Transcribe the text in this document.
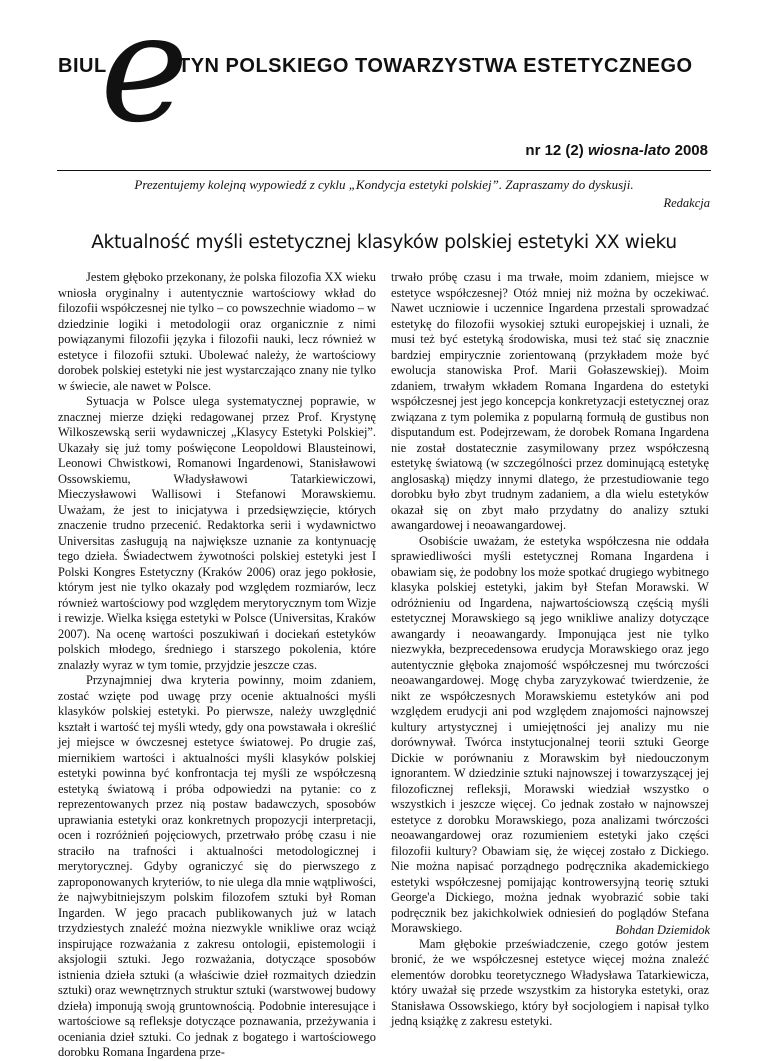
e
BIUL	TYN POLSKIEGO TOWARZYSTWA ESTETYCZNEGO
nr 12 (2) wiosna-lato 2008
Prezentujemy kolejną wypowiedź z cyklu „Kondycja estetyki polskiej”. Zapraszamy do dyskusji.
Redakcja
Aktualność myśli estetycznej klasyków polskiej estetyki XX wieku

Jestem głęboko przekonany, że polska filozofia XX wieku wniosła oryginalny i autentycznie wartościowy wkład do filozofii współczesnej nie tylko – co powszechnie wiadomo – w dziedzinie logiki i metodologii oraz organicznie z nimi powiązanymi filozofii języka i filozofii nauki, lecz również w estetyce i filozofii sztuki. Ubolewać należy, że wartościowy dorobek polskiej estetyki nie jest wystarczająco znany nie tylko w świecie, ale nawet w Polsce.

Sytuacja w Polsce ulega systematycznej poprawie, w znacznej mierze dzięki redagowanej przez Prof. Krystynę Wilkoszewską serii wydawniczej „Klasycy Estetyki Polskiej”. Ukazały się już tomy poświęcone Leopoldowi Blausteinowi, Leonowi Chwistkowi, Romanowi Ingardenowi, Stanisławowi Ossowskiemu, Władysławowi Tatarkiewiczowi, Mieczysławowi Wallisowi i Stefanowi Morawskiemu. Uważam, że jest to inicjatywa i przedsięwzięcie, których znaczenie trudno przecenić. Redaktorka serii i wydawnictwo Universitas zasługują na największe uznanie za kontynuację tego dzieła. Świadectwem żywotności polskiej estetyki jest I Polski Kongres Estetyczny (Kraków 2006) oraz jego pokłosie, którym jest nie tylko okazały pod względem rozmiarów, lecz również wartościowy pod względem merytorycznym tom Wizje i rewizje. Wielka księga estetyki w Polsce (Universitas, Kraków 2007). Na ocenę wartości poszukiwań i dociekań estetyków polskich młodego, średniego i starszego pokolenia, które znalazły wyraz w tym tomie, przyjdzie jeszcze czas.

Przynajmniej dwa kryteria powinny, moim zdaniem, zostać wzięte pod uwagę przy ocenie aktualności myśli klasyków polskiej estetyki. Po pierwsze, należy uwzględnić kształt i wartość tej myśli wtedy, gdy ona powstawała i określić jej miejsce w ówczesnej estetyce światowej. Po drugie zaś, miernikiem wartości i aktualności myśli klasyków polskiej estetyki powinna być konfrontacja tej myśli ze współczesną estetyką światową i próba odpowiedzi na pytanie: co z reprezentowanych przez nią postaw badawczych, sposobów uprawiania estetyki oraz konkretnych propozycji interpretacji, ocen i rozróżnień pojęciowych, przetrwało próbę czasu i nie straciło na trafności i aktualności metodologicznej i merytorycznej. Gdyby ograniczyć się do pierwszego z zaproponowanych kryteriów, to nie ulega dla mnie wątpliwości, że najwybitniejszym polskim filozofem sztuki był Roman Ingarden. W jego pracach publikowanych już w latach trzydziestych znaleźć można niezwykle wnikliwe oraz wciąż inspirujące rozważania z zakresu ontologii, epistemologii i aksjologii sztuki. Jego rozważania, dotyczące sposobów istnienia dzieła sztuki (a właściwie dzieł rozmaitych dziedzin sztuki) oraz wewnętrznych struktur sztuki (warstwowej budowy dzieła) imponują swoją gruntownością. Podobnie interesujące i wartościowe są refleksje dotyczące poznawania, przeżywania i oceniania dzieł sztuki. Co jednak z bogatego i wartościowego dorobku Romana Ingardena prze-

trwało próbę czasu i ma trwałe, moim zdaniem, miejsce w estetyce współczesnej? Otóż mniej niż można by oczekiwać. Nawet uczniowie i uczennice Ingardena przestali sprowadzać estetykę do filozofii wysokiej sztuki europejskiej i uznali, że musi też być estetyką środowiska, musi też stać się znacznie bardziej empirycznie zorientowaną (przykładem może być ewolucja stanowiska Prof. Marii Gołaszewskiej). Moim zdaniem, trwałym wkładem Romana Ingardena do estetyki współczesnej jest jego koncepcja konkretyzacji estetycznej oraz związana z tym polemika z popularną formułą de gustibus non disputandum est. Podejrzewam, że dorobek Romana Ingardena nie został dostatecznie zasymilowany przez współczesną estetykę światową (w szczególności przez dominującą estetykę anglosaską) między innymi dlatego, że przestudiowanie tego dorobku było zbyt trudnym zadaniem, a dla wielu estetyków okazał się on zbyt mało przydatny do analizy sztuki awangardowej i neoawangardowej.

Osobiście uważam, że estetyka współczesna nie oddała sprawiedliwości myśli estetycznej Romana Ingardena i obawiam się, że podobny los może spotkać drugiego wybitnego klasyka polskiej estetyki, jakim był Stefan Morawski. W odróżnieniu od Ingardena, najwartościowszą częścią myśli estetycznej Morawskiego są jego wnikliwe analizy dotyczące awangardy i neoawangardy. Imponująca jest nie tylko niezwykła, bezprecedensowa erudycja Morawskiego oraz jego autentycznie głęboka znajomość współczesnej mu twórczości neoawangardowej. Mogę chyba zaryzykować twierdzenie, że nikt ze współczesnych Morawskiemu estetyków ani pod względem erudycji ani pod względem znajomości najnowszej kultury artystycznej i umiejętności jej analizy mu nie dorównywał. Twórca instytucjonalnej teorii sztuki George Dickie w porównaniu z Morawskim był niedouczonym ignorantem. W dziedzinie sztuki najnowszej i towarzyszącej jej filozoficznej refleksji, Morawski wiedział wszystko o wszystkich i jeszcze więcej. Co jednak zostało w najnowszej estetyce z dorobku Morawskiego, poza analizami twórczości neoawangardowej oraz rozumieniem estetyki jako części filozofii kultury? Obawiam się, że więcej zostało z Dickiego. Nie można napisać porządnego podręcznika akademickiego estetyki współczesnej pomijając kontrowersyjną teorię sztuki George'a Dickiego, można jednak wyobrazić sobie taki podręcznik bez jakichkolwiek odniesień do poglądów Stefana Morawskiego.

Mam głębokie przeświadczenie, czego gotów jestem bronić, że we współczesnej estetyce więcej można znaleźć elementów dorobku teoretycznego Władysława Tatarkiewicza, który uważał się przede wszystkim za historyka estetyki, oraz Stanisława Ossowskiego, który był socjologiem i napisał tylko jedną książkę z zakresu estetyki.

Bohdan Dziemidok
